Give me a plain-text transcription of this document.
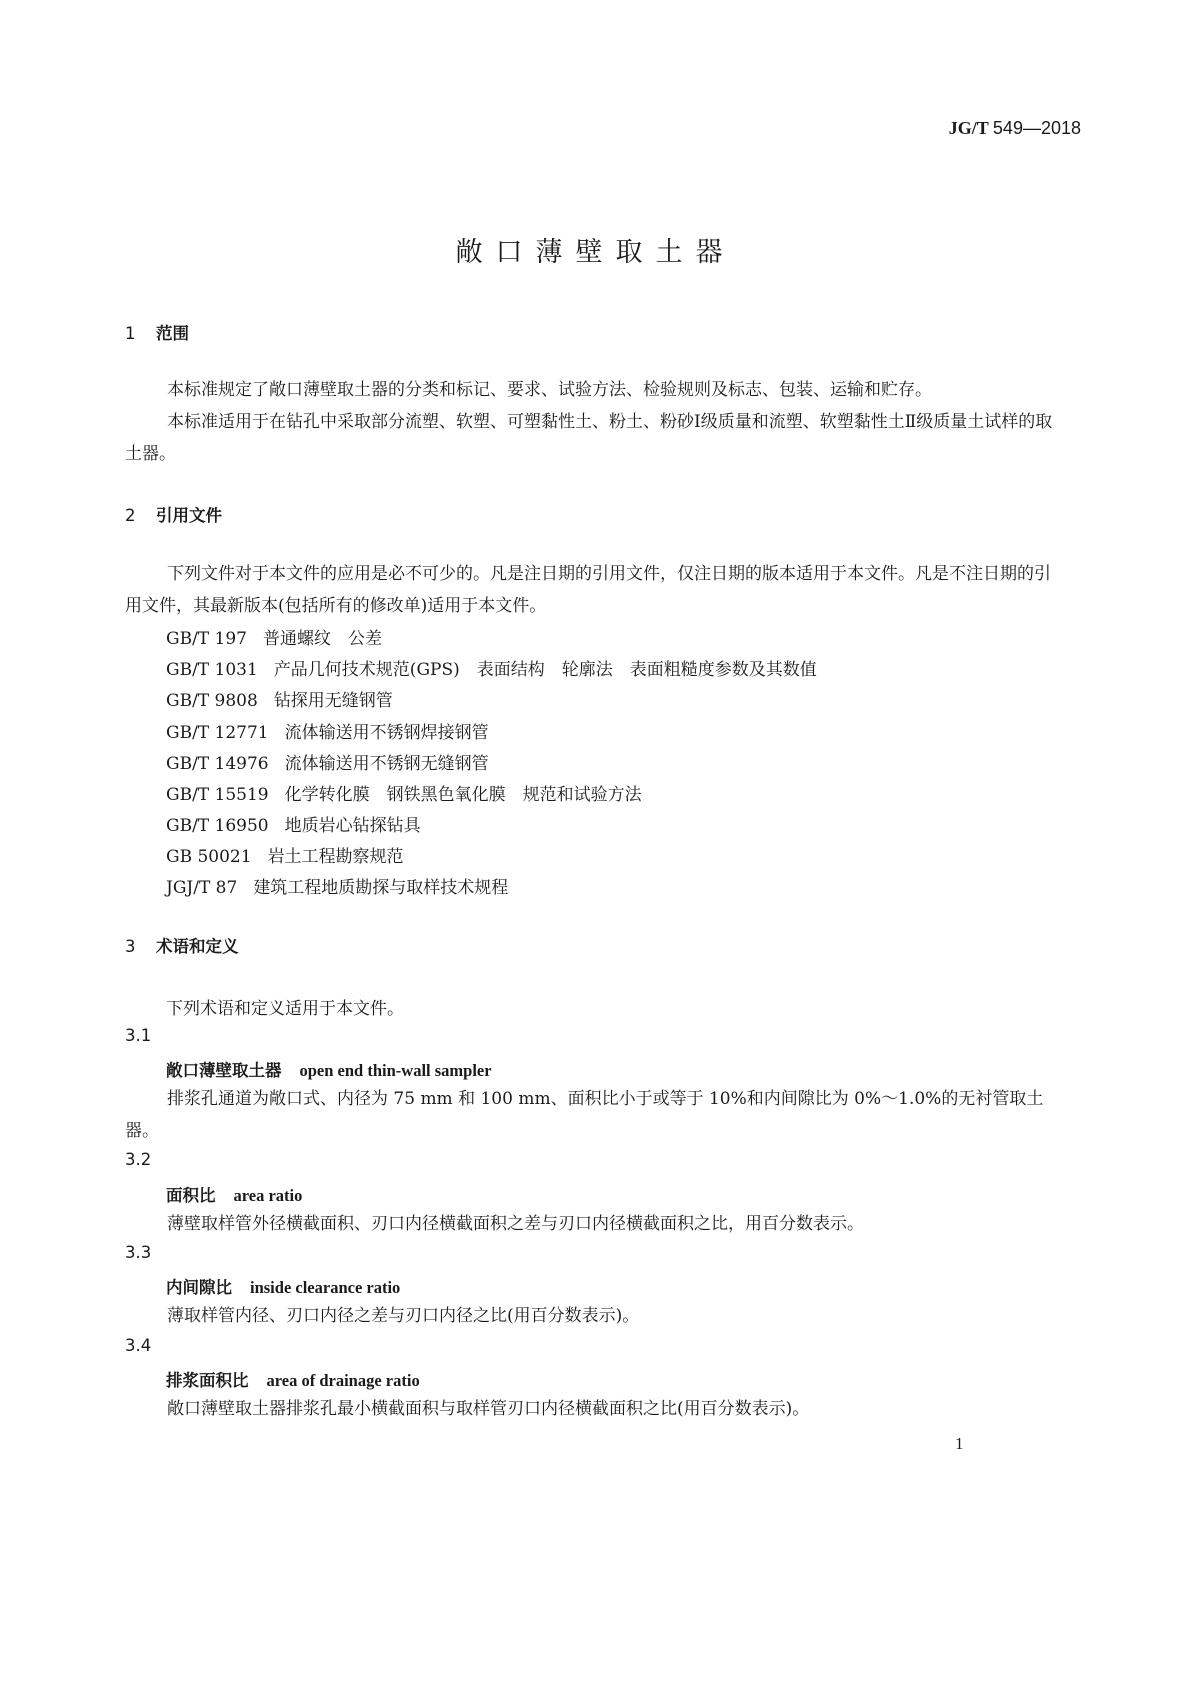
JG/T 549—2018
敞口薄壁取土器
1 范围
本标准规定了敞口薄壁取土器的分类和标记、要求、试验方法、检验规则及标志、包装、运输和贮存。
本标准适用于在钻孔中采取部分流塑、软塑、可塑黏性土、粉土、粉砂Ⅰ级质量和流塑、软塑黏性土Ⅱ级质量土试样的取土器。
2 引用文件
下列文件对于本文件的应用是必不可少的。凡是注日期的引用文件，仅注日期的版本适用于本文件。凡是不注日期的引用文件，其最新版本(包括所有的修改单)适用于本文件。
GB/T 197 普通螺纹　公差
GB/T 1031 产品几何技术规范(GPS)　表面结构　轮廓法　表面粗糙度参数及其数值
GB/T 9808 钻探用无缝钢管
GB/T 12771 流体输送用不锈钢焊接钢管
GB/T 14976 流体输送用不锈钢无缝钢管
GB/T 15519 化学转化膜　钢铁黑色氧化膜　规范和试验方法
GB/T 16950 地质岩心钻探钻具
GB 50021 岩土工程勘察规范
JGJ/T 87 建筑工程地质勘探与取样技术规程
3 术语和定义
下列术语和定义适用于本文件。
3.1
敞口薄壁取土器 open end thin-wall sampler
排浆孔通道为敞口式、内径为 75 mm 和 100 mm、面积比小于或等于 10%和内间隙比为 0%～1.0%的无衬管取土器。
3.2
面积比 area ratio
薄壁取样管外径横截面积、刃口内径横截面积之差与刃口内径横截面积之比，用百分数表示。
3.3
内间隙比 inside clearance ratio
薄取样管内径、刃口内径之差与刃口内径之比(用百分数表示)。
3.4
排浆面积比 area of drainage ratio
敞口薄壁取土器排浆孔最小横截面积与取样管刃口内径横截面积之比(用百分数表示)。
1
